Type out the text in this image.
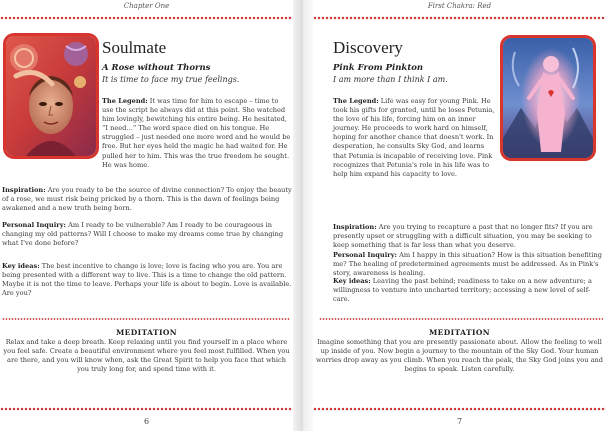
Chapter One
Soulmate
A Rose without Thorns
It is time to face my true feelings.

The Legend: It was time for him to escape – time to use the script he always did at this point. She watched him lovingly, bewitching his entire being. He hesitated, “I need…” The word space died on his tongue. He struggled – just needed one more word and he would be free. But her eyes held the magic he had waited for. He pulled her to him. This was the true freedom he sought. He was home.

Inspiration: Are you ready to be the source of divine connection? To enjoy the beauty of a rose, we must risk being pricked by a thorn. This is the dawn of feelings being awakened and a new truth being born.

Personal Inquiry: Am I ready to be vulnerable? Am I ready to be courageous in changing my old patterns? Will I choose to make my dreams come true by changing what I've done before?

Key ideas: The best incentive to change is love; love is facing who you are. You are being presented with a different way to live. This is a time to change the old pattern. Maybe it is not the time to leave. Perhaps your life is about to begin. Love is available. Are you?

MEDITATION
Relax and take a deep breath. Keep relaxing until you find yourself in a place where you feel safe. Create a beautiful environment where you feel most fulfilled. When you are there, and you will know when, ask the Great Spirit to help you face that which you truly long for, and spend time with it.
6
First Chakra: Red
Discovery
Pink From Pinkton
I am more than I think I am.

The Legend: Life was easy for young Pink. He took his gifts for granted, until he loses Petunia, the love of his life, forcing him on an inner journey. He proceeds to work hard on himself, hoping for another chance that doesn't work. In desperation, he consults Sky God, and learns that Petunia is incapable of receiving love. Pink recognizes that Petunia's role in his life was to help him expand his capacity to love.

Inspiration: Are you trying to recapture a past that no longer fits? If you are presently upset or struggling with a difficult situation, you may be seeking to keep something that is far less than what you deserve.

Personal Inquiry: Am I happy in this situation? How is this situation benefiting me? The healing of predetermined agreements must be addressed. As in Pink's story, awareness is healing.

Key ideas: Leaving the past behind; readiness to take on a new adventure; a willingness to venture into uncharted territory; accessing a new level of self-care.

MEDITATION
Imagine something that you are presently passionate about. Allow the feeling to well up inside of you. Now begin a journey to the mountain of the Sky God. Your human worries drop away as you climb. When you reach the peak, the Sky God joins you and begins to speak. Listen carefully.
7
